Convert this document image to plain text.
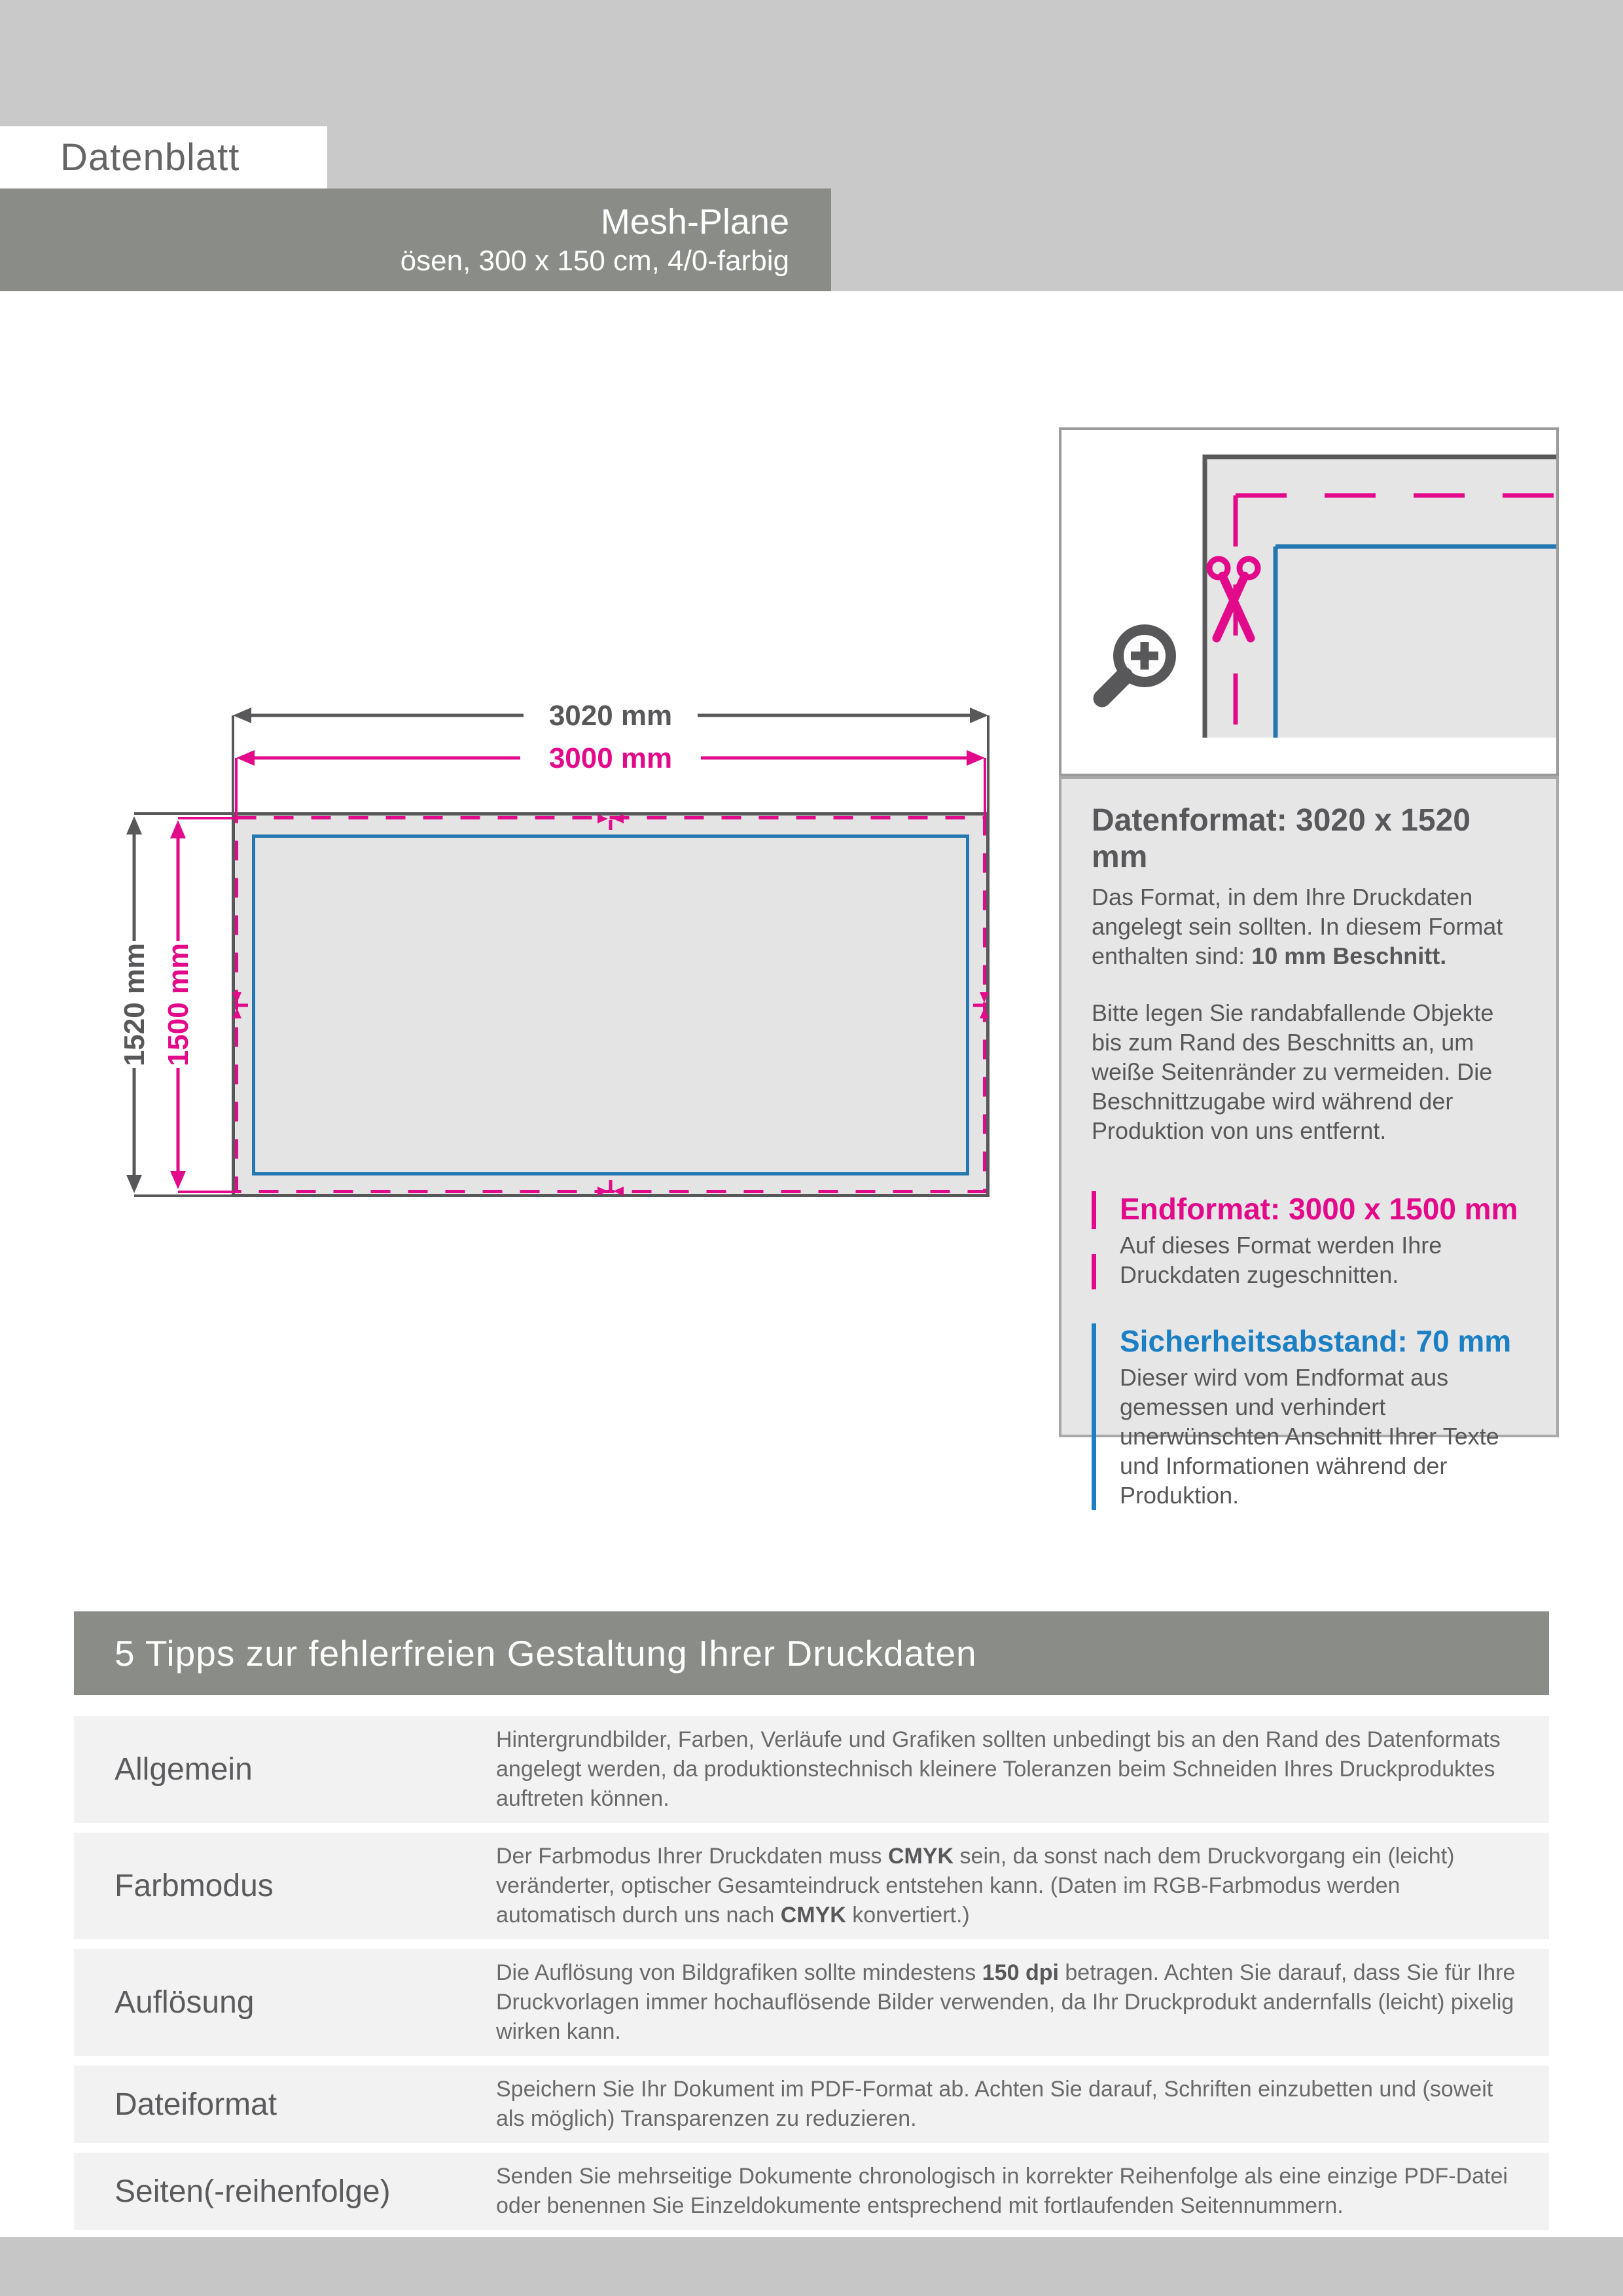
Datenblatt
Mesh-Plane
ösen, 300 x 150 cm, 4/0-farbig
3020 mm
3000 mm
1520 mm 1500 mm
Datenformat: 3020 x 1520 mm

Das Format, in dem Ihre Druckdaten angelegt sein sollten. In diesem Format enthalten sind: 10 mm Beschnitt.

Bitte legen Sie randabfallende Objekte bis zum Rand des Beschnitts an, um weiße Seitenränder zu vermeiden. Die Beschnittzugabe wird während der Produktion von uns entfernt.

Endformat: 3000 x 1500 mm

Auf dieses Format werden Ihre Druckdaten zugeschnitten.

Sicherheitsabstand: 70 mm

Dieser wird vom Endformat aus gemessen und verhindert unerwünschten Anschnitt Ihrer Texte und Informationen während der Produktion.

5 Tipps zur fehlerfreien Gestaltung Ihrer Druckdaten
Allgemein
Hintergrundbilder, Farben, Verläufe und Grafiken sollten unbedingt bis an den Rand des Datenformats angelegt werden, da produktionstechnisch kleinere Toleranzen beim Schneiden Ihres Druckproduktes auftreten können.
Farbmodus
Der Farbmodus Ihrer Druckdaten muss CMYK sein, da sonst nach dem Druckvorgang ein (leicht) veränderter, optischer Gesamteindruck entstehen kann. (Daten im RGB-Farbmodus werden automatisch durch uns nach CMYK konvertiert.)
Auflösung
Die Auflösung von Bildgrafiken sollte mindestens 150 dpi betragen. Achten Sie darauf, dass Sie für Ihre Druckvorlagen immer hochauflösende Bilder verwenden, da Ihr Druckprodukt andernfalls (leicht) pixelig wirken kann.
Dateiformat	Speichern Sie Ihr Dokument im PDF-Format ab. Achten Sie darauf, Schriften einzubetten und (soweit als möglich) Transparenzen zu reduzieren.
Seiten(-reihenfolge)	Senden Sie mehrseitige Dokumente chronologisch in korrekter Reihenfolge als eine einzige PDF-Datei oder benennen Sie Einzeldokumente entsprechend mit fortlaufenden Seitennummern.
